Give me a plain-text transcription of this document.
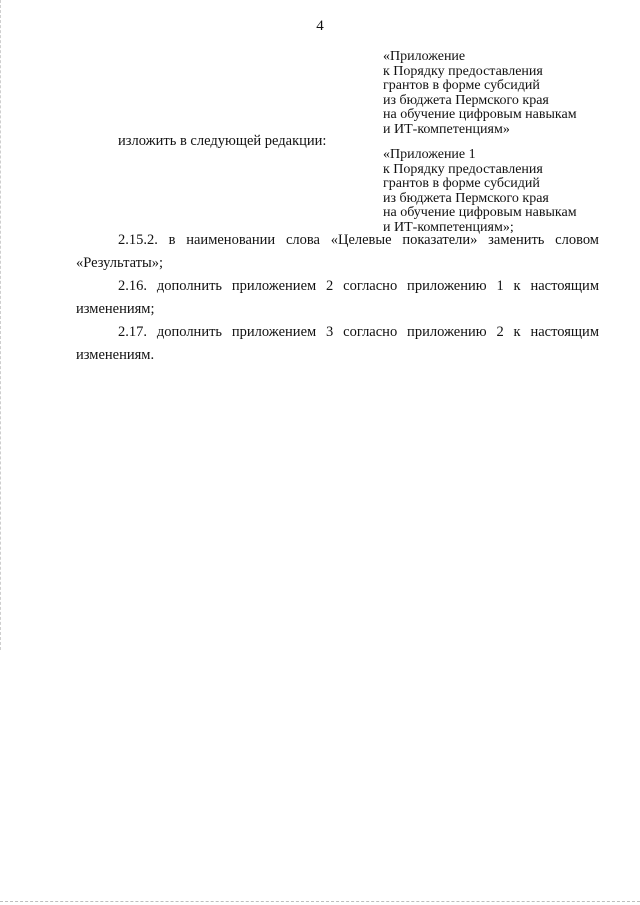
4
«Приложение
к Порядку предоставления
грантов в форме субсидий
из бюджета Пермского края
на обучение цифровым навыкам
и ИТ-компетенциям»
изложить в следующей редакции:
«Приложение 1
к Порядку предоставления
грантов в форме субсидий
из бюджета Пермского края
на обучение цифровым навыкам
и ИТ-компетенциям»;

2.15.2. в наименовании слова «Целевые показатели» заменить словом «Результаты»;

2.16. дополнить приложением 2 согласно приложению 1 к настоящим изменениям;

2.17. дополнить приложением 3 согласно приложению 2 к настоящим изменениям.
